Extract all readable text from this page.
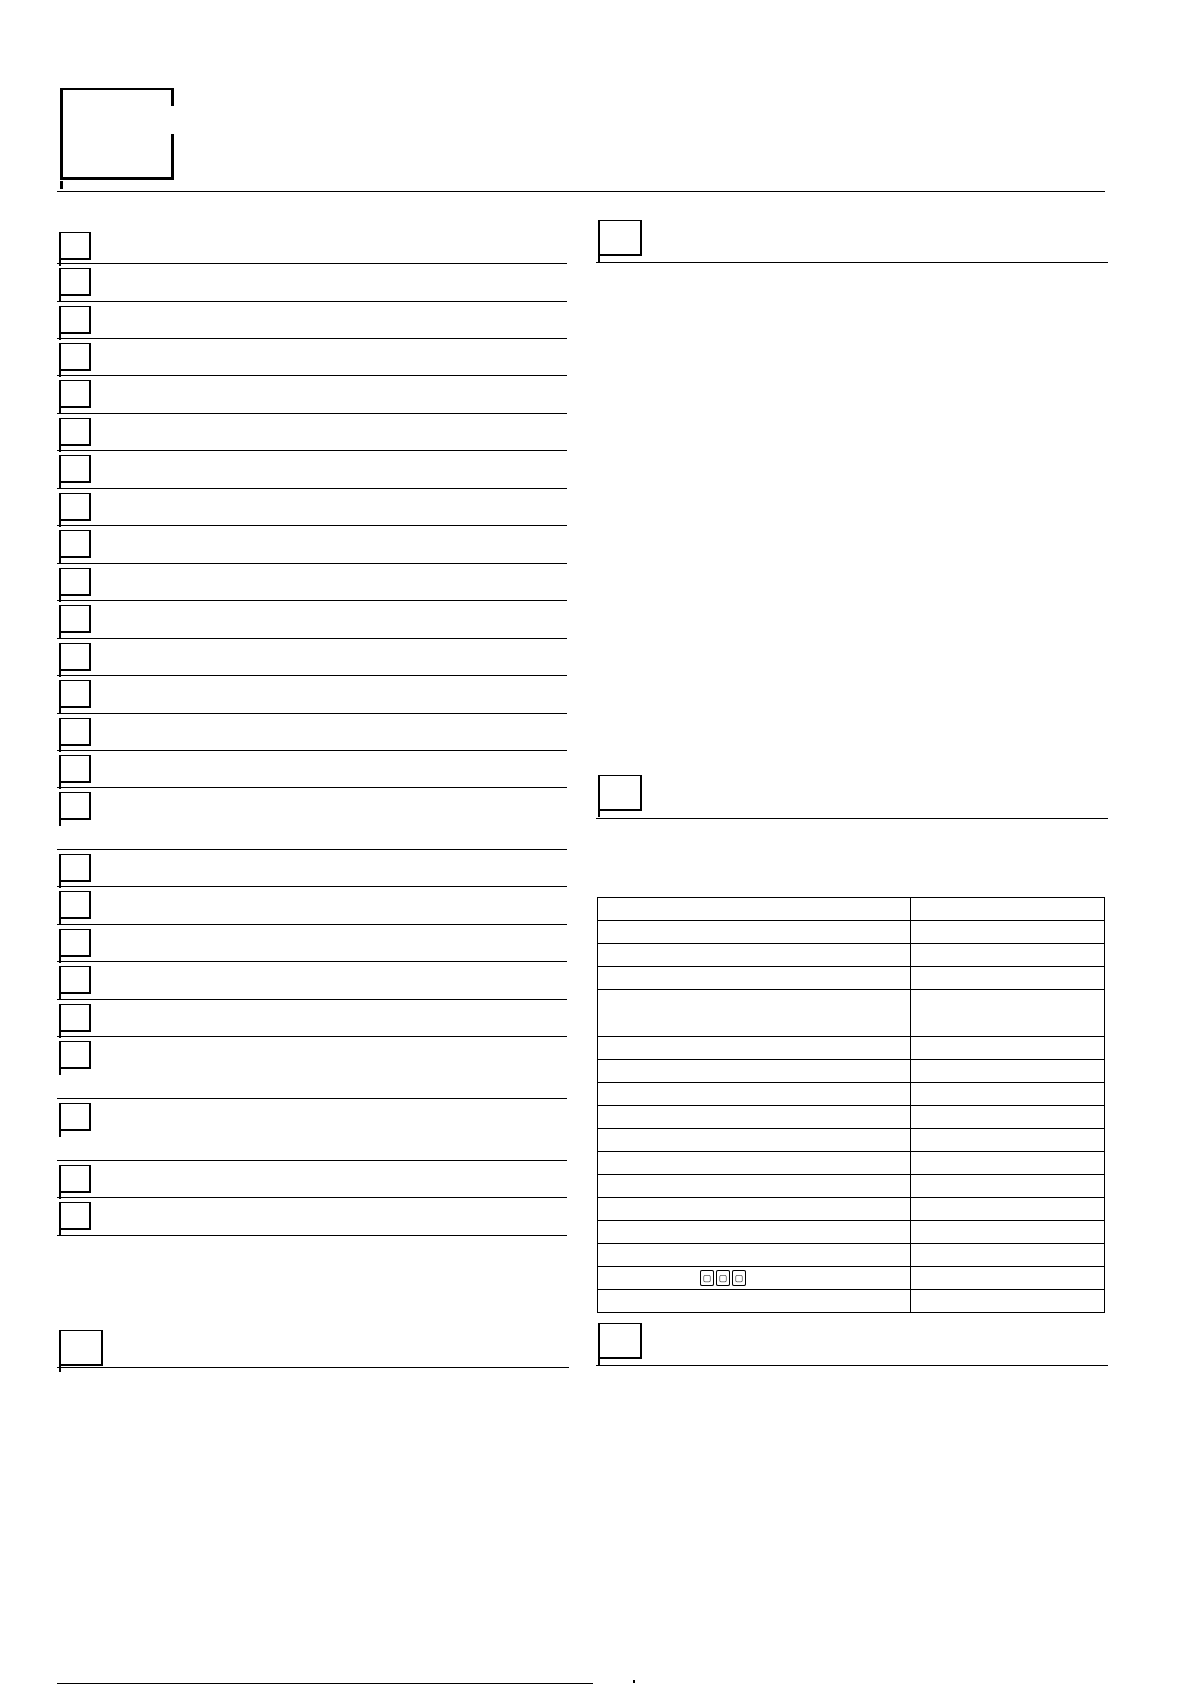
▢ ▢ ▢	
